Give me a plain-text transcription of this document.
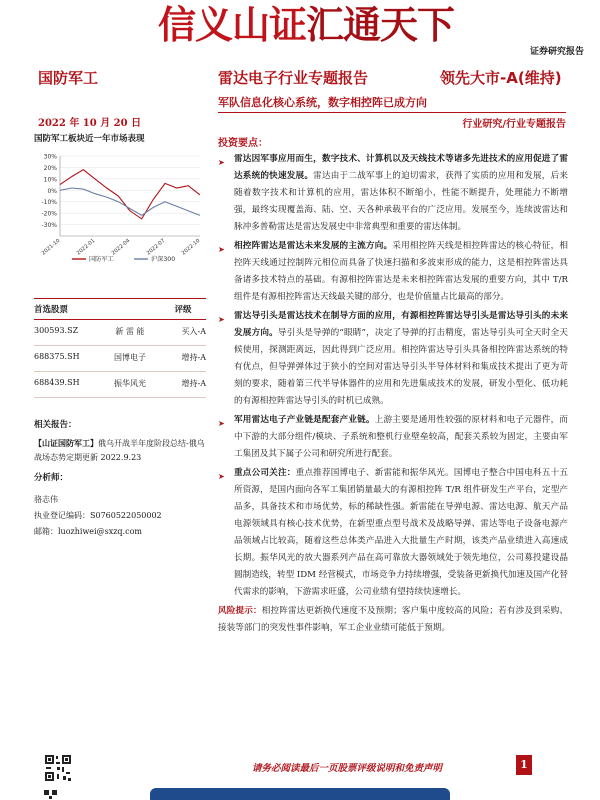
信义山证汇通天下
证券研究报告
国防军工	雷达电子行业专题报告	领先大市-A(维持)
军队信息化核心系统，数字相控阵已成方向
2022 年 10 月 20 日	行业研究/行业专题报告
国防军工板块近一年市场表现
30%
20%
10%
0%
-10%
-20%
-30%
2021-10	2022-01	2022-04	2022-07	2022-10
国防军工	沪深300
首选股票	评级
300593.SZ	新 雷 能	买入-A
688375.SH	国博电子	增持-A
688439.SH	振华风光	增持-A
相关报告：
【山证国防军工】俄乌开战半年度阶段总结-俄乌战场态势定期更新 2022.9.23
分析师：
骆志伟
执业登记编码：S0760522050002
邮箱：luozhiwei@sxzq.com
投资要点：
➤ 雷达因军事应用而生，数字技术、计算机以及天线技术等诸多先进技术的应用促进了雷达系统的快速发展。雷达由于二战军事上的迫切需求，获得了实质的应用和发展，后来随着数字技术和计算机的应用，雷达体积不断缩小，性能不断提升，处理能力不断增强，最终实现覆盖海、陆、空、天各种承载平台的广泛应用。发展至今，连续波雷达和脉冲多普勒雷达是雷达发展史中非常典型和重要的雷达体制。
➤ 相控阵雷达是雷达未来发展的主流方向。采用相控阵天线是相控阵雷达的核心特征，相控阵天线通过控制阵元相位而具备了快速扫描和多波束形成的能力，这是相控阵雷达具备诸多技术特点的基础。有源相控阵雷达是未来相控阵雷达发展的重要方向，其中 T/R 组件是有源相控阵雷达天线最关键的部分，也是价值量占比最高的部分。
➤ 雷达导引头是雷达技术在制导方面的应用，有源相控阵雷达导引头是雷达导引头的未来发展方向。导引头是导弹的“眼睛”，决定了导弹的打击精度，雷达导引头可全天时全天候使用，探测距离远，因此得到广泛应用。相控阵雷达导引头具备相控阵雷达系统的特有优点，但导弹弹体过于狭小的空间对雷达导引头半导体材料和集成技术提出了更为苛刻的要求，随着第三代半导体器件的应用和先进集成技术的发展，研发小型化、低功耗的有源相控阵雷达导引头的时机已成熟。
➤ 军用雷达电子产业链是配套产业链。上游主要是通用性较强的原材料和电子元器件，而中下游的大部分组件/模块、子系统和整机行业壁垒较高，配套关系较为固定，主要由军工集团及其下属子公司和研究所进行配套。
➤ 重点公司关注：重点推荐国博电子、新雷能和振华风光。国博电子整合中国电科五十五所资源，是国内面向各军工集团销量最大的有源相控阵 T/R 组件研发生产平台，定型产品多，具备技术和市场优势，标的稀缺性强。新雷能在导弹电源、雷达电源、航天产品电源领域具有核心技术优势，在新型重点型号战术及战略导弹、雷达等电子设备电源产品领域占比较高，随着这些总体类产品进入大批量生产时期，该类产品业绩进入高速成长期。振华风光的放大器系列产品在高可靠放大器领域处于领先地位，公司募投建设晶圆制造线，转型 IDM 经营模式，市场竞争力持续增强，受装备更新换代加速及国产化替代需求的影响，下游需求旺盛，公司业绩有望持续快速增长。
风险提示：相控阵雷达更新换代速度不及预期；客户集中度较高的风险；若有涉及到采购、接装等部门的突发性事件影响，军工企业业绩可能低于预期。
请务必阅读最后一页股票评级说明和免责声明	1
